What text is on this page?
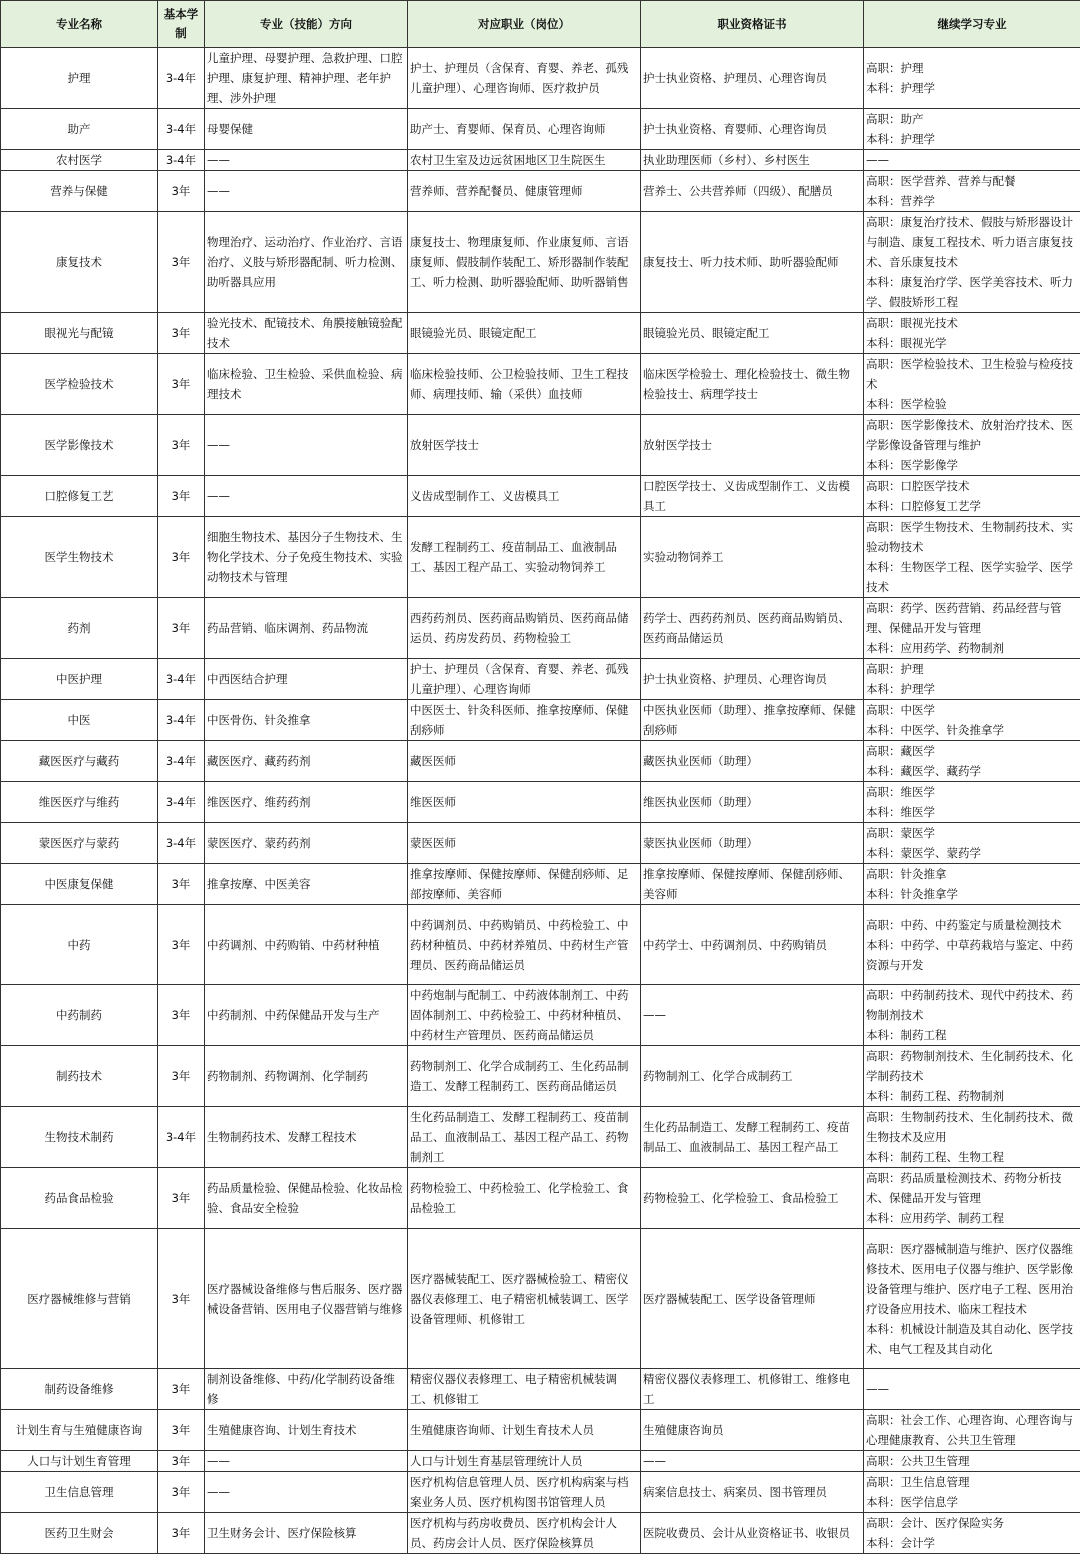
专业名称	基本学制	专业（技能）方向	对应职业（岗位）	职业资格证书	继续学习专业
护理	3-4年	儿童护理、母婴护理、急救护理、口腔护理、康复护理、精神护理、老年护理、涉外护理	护士、护理员（含保育、育婴、养老、孤残儿童护理）、心理咨询师、医疗救护员	护士执业资格、护理员、心理咨询员	高职：护理
本科：护理学

助产	3-4年	母婴保健	助产士、育婴师、保育员、心理咨询师	护士执业资格、育婴师、心理咨询员	高职：助产
本科：护理学

农村医学	3-4年	——	农村卫生室及边远贫困地区卫生院医生	执业助理医师（乡村）、乡村医生	——

营养与保健	3年	——	营养师、营养配餐员、健康管理师	营养士、公共营养师（四级）、配膳员	高职：医学营养、营养与配餐
本科：营养学

康复技术	3年	物理治疗、运动治疗、作业治疗、言语治疗、义肢与矫形器配制、听力检测、助听器具应用	康复技士、物理康复师、作业康复师、言语康复师、假肢制作装配工、矫形器制作装配工、听力检测、助听器验配师、助听器销售	康复技士、听力技术师、助听器验配师	高职：康复治疗技术、假肢与矫形器设计与制造、康复工程技术、听力语言康复技术、音乐康复技术
本科：康复治疗学、医学美容技术、听力学、假肢矫形工程

眼视光与配镜	3年	验光技术、配镜技术、角膜接触镜验配技术	眼镜验光员、眼镜定配工	眼镜验光员、眼镜定配工	高职：眼视光技术
本科：眼视光学

医学检验技术	3年	临床检验、卫生检验、采供血检验、病理技术	临床检验技师、公卫检验技师、卫生工程技师、病理技师、输（采供）血技师	临床医学检验士、理化检验技士、微生物检验技士、病理学技士	高职：医学检验技术、卫生检验与检疫技术
本科：医学检验

医学影像技术	3年	——	放射医学技士	放射医学技士	高职：医学影像技术、放射治疗技术、医学影像设备管理与维护
本科：医学影像学

口腔修复工艺	3年	——	义齿成型制作工、义齿模具工	口腔医学技士、义齿成型制作工、义齿模具工	高职：口腔医学技术
本科：口腔修复工艺学

医学生物技术	3年	细胞生物技术、基因分子生物技术、生物化学技术、分子免疫生物技术、实验动物技术与管理	发酵工程制药工、疫苗制品工、血液制品工、基因工程产品工、实验动物饲养工	实验动物饲养工	高职：医学生物技术、生物制药技术、实验动物技术
本科：生物医学工程、医学实验学、医学技术

药剂	3年	药品营销、临床调剂、药品物流	西药药剂员、医药商品购销员、医药商品储运员、药房发药员、药物检验工	药学士、西药药剂员、医药商品购销员、医药商品储运员	高职：药学、医药营销、药品经营与管理、保健品开发与管理
本科：应用药学、药物制剂

中医护理	3-4年	中西医结合护理	护士、护理员（含保育、育婴、养老、孤残儿童护理）、心理咨询师	护士执业资格、护理员、心理咨询员	高职：护理
本科：护理学

中医	3-4年	中医骨伤、针灸推拿	中医医士、针灸科医师、推拿按摩师、保健刮痧师	中医执业医师（助理）、推拿按摩师、保健刮痧师	高职：中医学
本科：中医学、针灸推拿学

藏医医疗与藏药	3-4年	藏医医疗、藏药药剂	藏医医师	藏医执业医师（助理）	高职：藏医学
本科：藏医学、藏药学

维医医疗与维药	3-4年	维医医疗、维药药剂	维医医师	维医执业医师（助理）	高职：维医学
本科：维医学

蒙医医疗与蒙药	3-4年	蒙医医疗、蒙药药剂	蒙医医师	蒙医执业医师（助理）	高职：蒙医学
本科：蒙医学、蒙药学

中医康复保健	3年	推拿按摩、中医美容	推拿按摩师、保健按摩师、保健刮痧师、足部按摩师、美容师	推拿按摩师、保健按摩师、保健刮痧师、美容师	高职：针灸推拿
本科：针灸推拿学

中药	3年	中药调剂、中药购销、中药材种植	中药调剂员、中药购销员、中药检验工、中药材种植员、中药材养殖员、中药材生产管理员、医药商品储运员	中药学士、中药调剂员、中药购销员	高职：中药、中药鉴定与质量检测技术
本科：中药学、中草药栽培与鉴定、中药资源与开发

中药制药	3年	中药制剂、中药保健品开发与生产	中药炮制与配制工、中药液体制剂工、中药固体制剂工、中药检验工、中药材种植员、中药材生产管理员、医药商品储运员	——	高职：中药制药技术、现代中药技术、药物制剂技术
本科：制药工程

制药技术	3年	药物制剂、药物调剂、化学制药	药物制剂工、化学合成制药工、生化药品制造工、发酵工程制药工、医药商品储运员	药物制剂工、化学合成制药工	高职：药物制剂技术、生化制药技术、化学制药技术
本科：制药工程、药物制剂

生物技术制药	3-4年	生物制药技术、发酵工程技术	生化药品制造工、发酵工程制药工、疫苗制品工、血液制品工、基因工程产品工、药物制剂工	生化药品制造工、发酵工程制药工、疫苗制品工、血液制品工、基因工程产品工	高职：生物制药技术、生化制药技术、微生物技术及应用
本科：制药工程、生物工程

药品食品检验	3年	药品质量检验、保健品检验、化妆品检验、食品安全检验	药物检验工、中药检验工、化学检验工、食品检验工	药物检验工、化学检验工、食品检验工	高职：药品质量检测技术、药物分析技术、保健品开发与管理
本科：应用药学、制药工程

医疗器械维修与营销	3年	医疗器械设备维修与售后服务、医疗器械设备营销、医用电子仪器营销与维修	医疗器械装配工、医疗器械检验工、精密仪器仪表修理工、电子精密机械装调工、医学设备管理师、机修钳工	医疗器械装配工、医学设备管理师	高职：医疗器械制造与维护、医疗仪器维修技术、医用电子仪器与维护、医学影像设备管理与维护、医疗电子工程、医用治疗设备应用技术、临床工程技术
本科：机械设计制造及其自动化、医学技术、电气工程及其自动化

制药设备维修	3年	制剂设备维修、中药/化学制药设备维修	精密仪器仪表修理工、电子精密机械装调工、机修钳工	精密仪器仪表修理工、机修钳工、维修电工	——

计划生育与生殖健康咨询	3年	生殖健康咨询、计划生育技术	生殖健康咨询师、计划生育技术人员	生殖健康咨询员	高职：社会工作、心理咨询、心理咨询与心理健康教育、公共卫生管理

人口与计划生育管理	3年	——	人口与计划生育基层管理统计人员	——	高职：公共卫生管理

卫生信息管理	3年	——	医疗机构信息管理人员、医疗机构病案与档案业务人员、医疗机构图书馆管理人员	病案信息技士、病案员、图书管理员	高职：卫生信息管理
本科：医学信息学

医药卫生财会	3年	卫生财务会计、医疗保险核算	医疗机构与药房收费员、医疗机构会计人员、药房会计人员、医疗保险核算员	医院收费员、会计从业资格证书、收银员	高职：会计、医疗保险实务
本科：会计学
